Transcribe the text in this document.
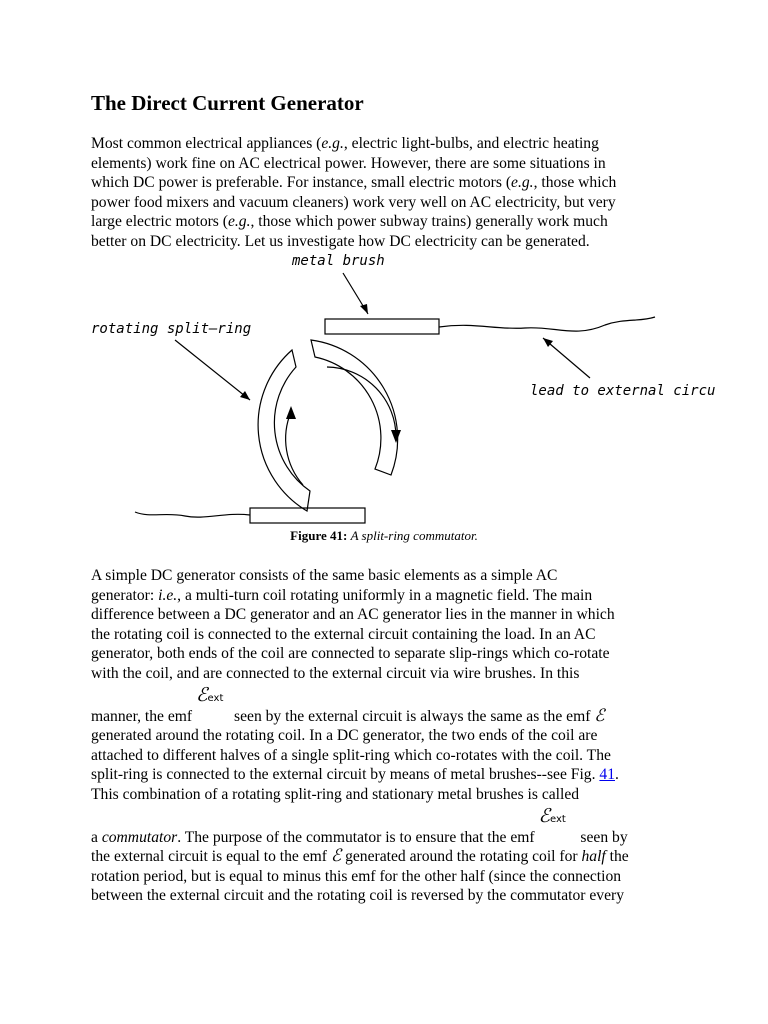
The Direct Current Generator
Most common electrical appliances (e.g., electric light-bulbs, and electric heating
elements) work fine on AC electrical power. However, there are some situations in
which DC power is preferable. For instance, small electric motors (e.g., those which
power food mixers and vacuum cleaners) work very well on AC electricity, but very
large electric motors (e.g., those which power subway trains) generally work much
better on DC electricity. Let us investigate how DC electricity can be generated.
metal brush
rotating split–ring
lead to external circu
Figure 41: A split-ring commutator.
A simple DC generator consists of the same basic elements as a simple AC
generator: i.e., a multi-turn coil rotating uniformly in a magnetic field. The main
difference between a DC generator and an AC generator lies in the manner in which
the rotating coil is connected to the external circuit containing the load. In an AC
generator, both ends of the coil are connected to separate slip-rings which co-rotate
with the coil, and are connected to the external circuit via wire brushes. In this
manner, the emf
ℰext
seen by the external circuit is always the same as the emf ℰ
generated around the rotating coil. In a DC generator, the two ends of the coil are
attached to different halves of a single split-ring which co-rotates with the coil. The
split-ring is connected to the external circuit by means of metal brushes--see Fig. 41.
This combination of a rotating split-ring and stationary metal brushes is called
a commutator. The purpose of the commutator is to ensure that the emf
ℰext
seen by
the external circuit is equal to the emf ℰ generated around the rotating coil for half the
rotation period, but is equal to minus this emf for the other half (since the connection
between the external circuit and the rotating coil is reversed by the commutator every
